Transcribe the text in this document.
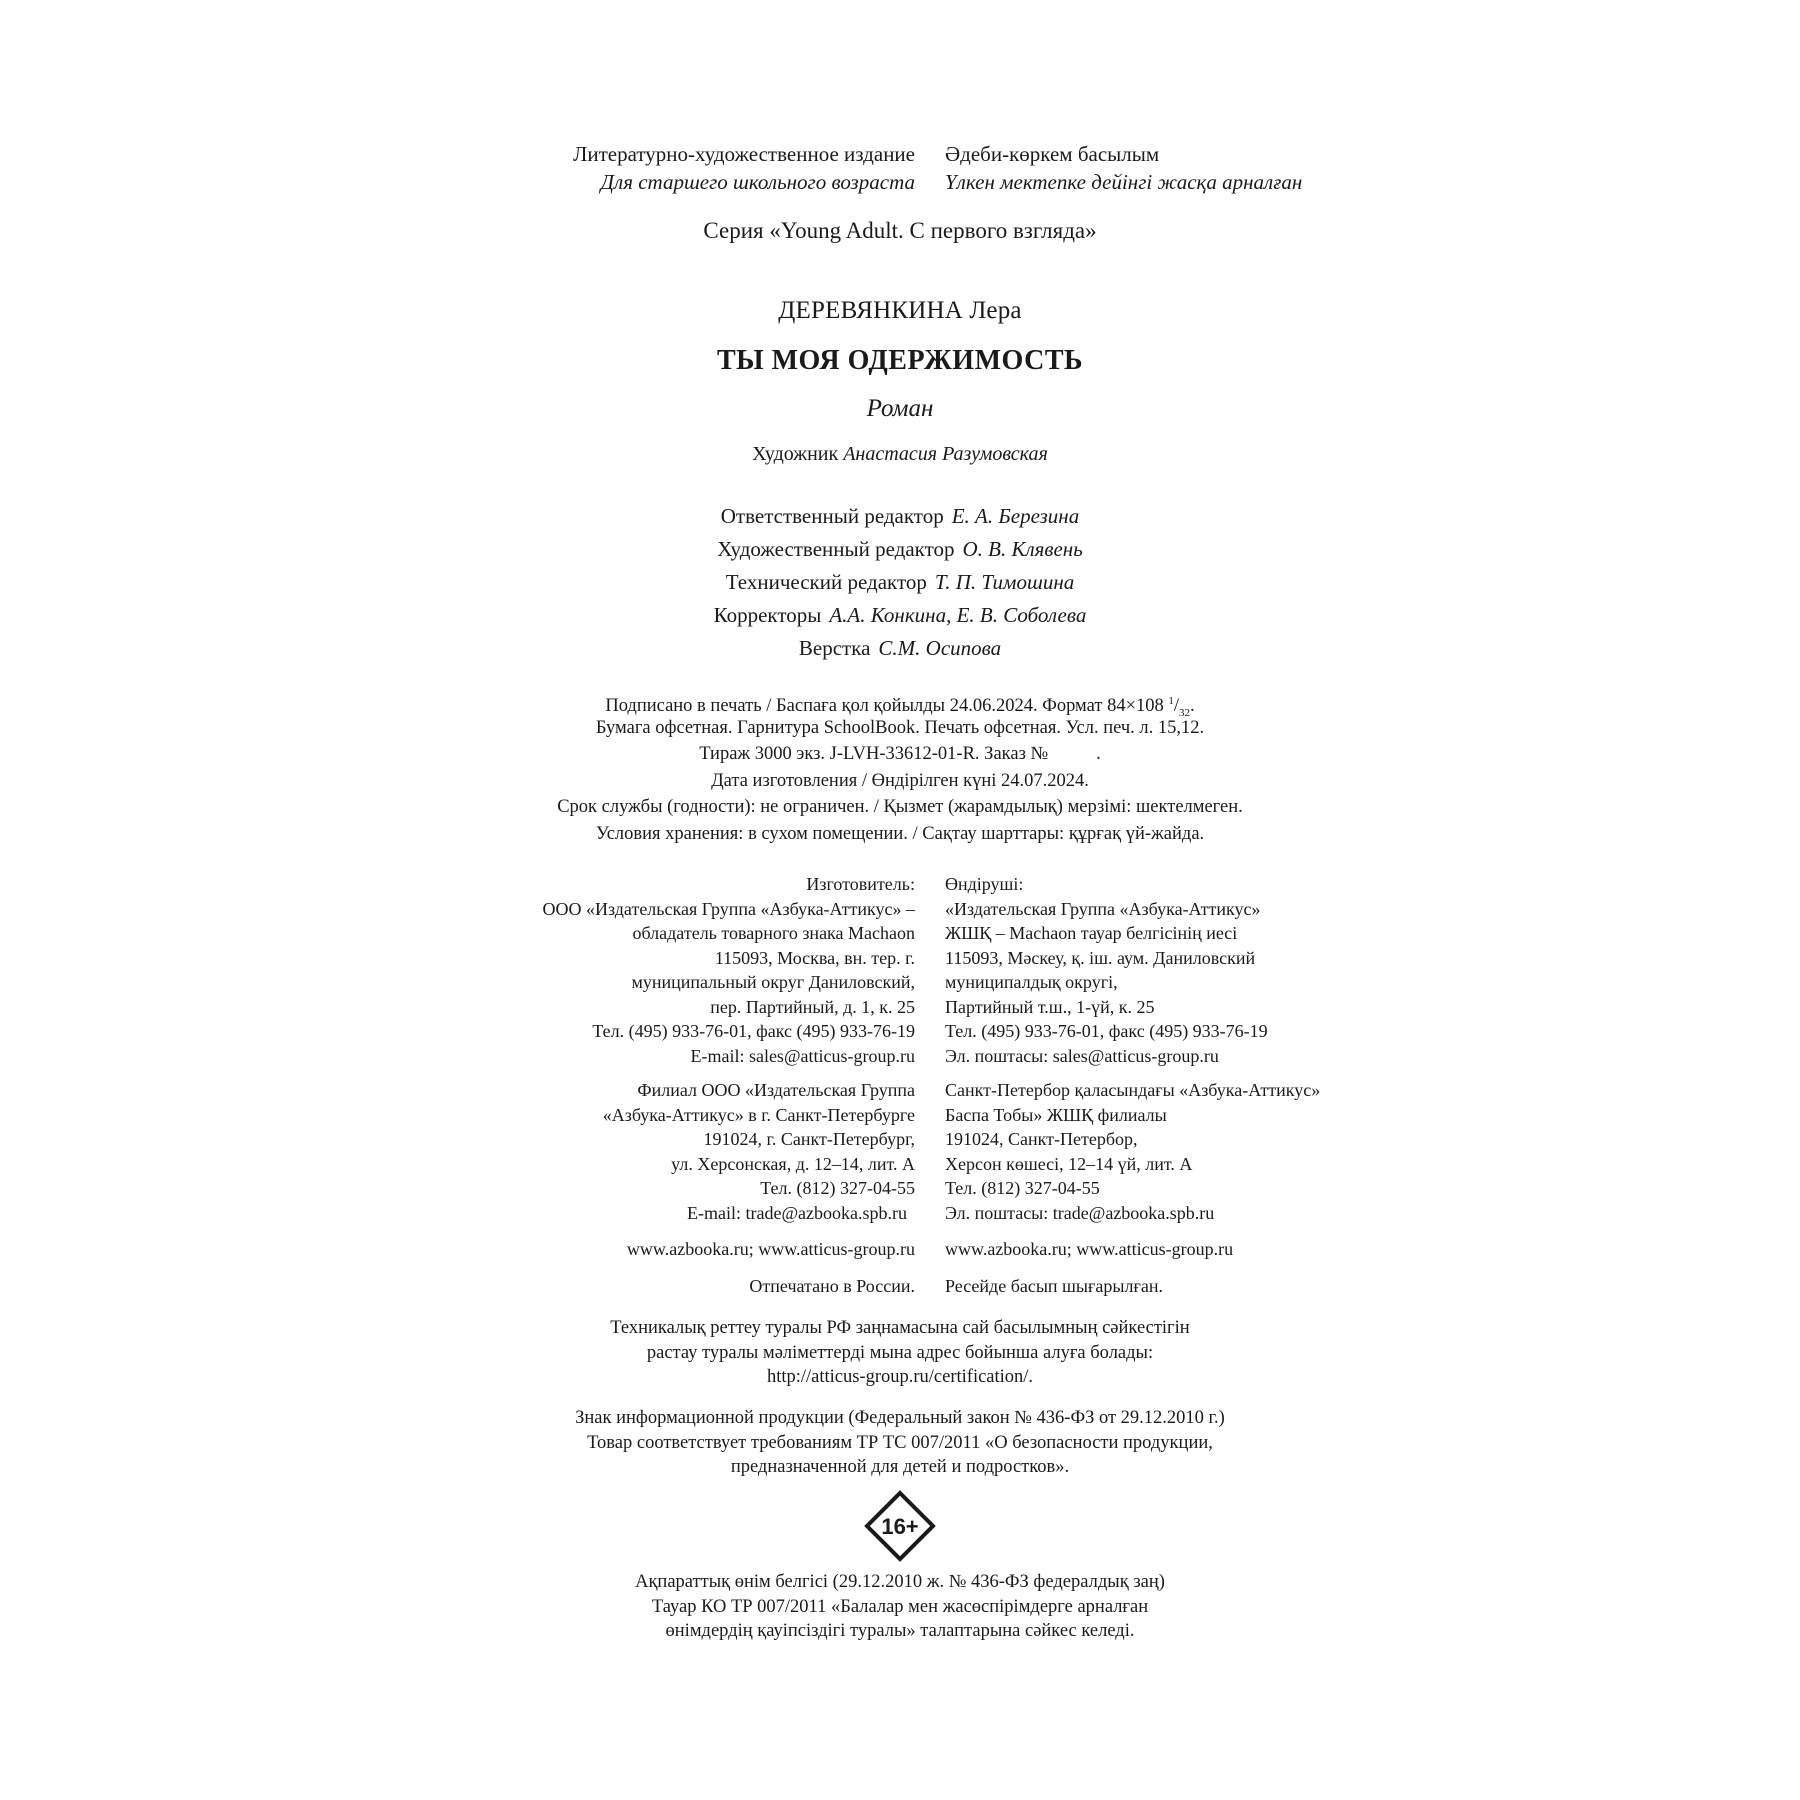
Литературно-художественное издание
Для старшего школьного возраста
Әдеби-көркем басылым
Үлкен мектепке дейінгі жасқа арналған
Серия «Young Adult. С первого взгляда»
ДЕРЕВЯНКИНА Лера
ТЫ МОЯ ОДЕРЖИМОСТЬ
Роман
Художник Анастасия Разумовская
Ответственный редактор Е. А. Березина
Художественный редактор О. В. Клявень
Технический редактор Т. П. Тимошина
Корректоры А.А. Конкина, Е. В. Соболева
Верстка С.М. Осипова
Подписано в печать / Баспаға қол қойылды 24.06.2024. Формат 84×108 $^1/_{32}$.
Бумага офсетная. Гарнитура SchoolBook. Печать офсетная. Усл. печ. л. 15,12.
Тираж 3000 экз. J-LVH-33612-01-R. Заказ №	.
Дата изготовления / Өндірілген күні 24.07.2024.
Срок службы (годности): не ограничен. / Қызмет (жарамдылық) мерзімі: шектелмеген.
Условия хранения: в сухом помещении. / Сақтау шарттары: құрғақ үй-жайда.
Изготовитель:
ООО «Издательская Группа «Азбука-Аттикус» –
обладатель товарного знака Machaon
115093, Москва, вн. тер. г.
муниципальный округ Даниловский,
пер. Партийный, д. 1, к. 25
Тел. (495) 933-76-01, факс (495) 933-76-19
E-mail: sales@atticus-group.ru
Өндіруші:
«Издательская Группа «Азбука-Аттикус»
ЖШҚ – Machaon тауар белгісінің иесі
115093, Мәскеу, қ. іш. аум. Даниловский
муниципалдық округі,
Партийный т.ш., 1-үй, к. 25
Тел. (495) 933-76-01, факс (495) 933-76-19
Эл. поштасы: sales@atticus-group.ru
Филиал ООО «Издательская Группа
«Азбука-Аттикус» в г. Санкт-Петербурге
191024, г. Санкт-Петербург,
ул. Херсонская, д. 12–14, лит. А
Тел. (812) 327-04-55
E-mail: trade@azbooka.spb.ru
Санкт-Петербор қаласындағы «Азбука-Аттикус»
Баспа Тобы» ЖШҚ филиалы
191024, Санкт-Петербор,
Херсон көшесі, 12–14 үй, лит. А
Тел. (812) 327-04-55
Эл. поштасы: trade@azbooka.spb.ru
www.azbooka.ru; www.atticus-group.ru www.azbooka.ru; www.atticus-group.ru
Отпечатано в России. Ресейде басып шығарылған.
Техникалық реттеу туралы РФ заңнамасына сай басылымның сәйкестігін
растау туралы мәліметтерді мына адрес бойынша алуға болады:
http://atticus-group.ru/certification/.
Знак информационной продукции (Федеральный закон № 436-ФЗ от 29.12.2010 г.)
Товар соответствует требованиям ТР ТС 007/2011 «О безопасности продукции,
предназначенной для детей и подростков».
16+
Ақпараттық өнім белгісі (29.12.2010 ж. № 436-ФЗ федералдық заң)
Тауар КО ТР 007/2011 «Балалар мен жасөспірімдерге арналған
өнімдердің қауіпсіздігі туралы» талаптарына сәйкес келеді.
